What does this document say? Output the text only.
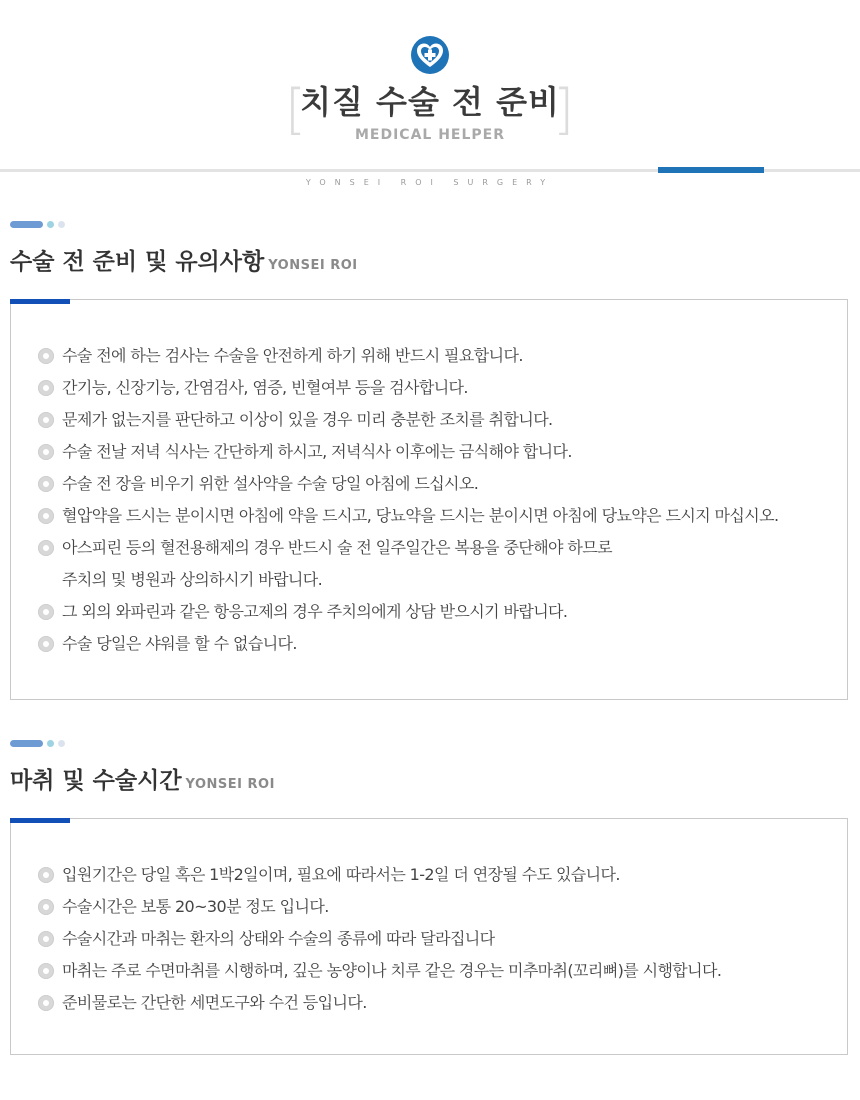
[
치질 수술 전 준비
]
MEDICAL HELPER
YONSEI ROI SURGERY
수술 전 준비 및 유의사항 YONSEI ROI
수술 전에 하는 검사는 수술을 안전하게 하기 위해 반드시 필요합니다.
간기능, 신장기능, 간염검사, 염증, 빈혈여부 등을 검사합니다.
문제가 없는지를 판단하고 이상이 있을 경우 미리 충분한 조치를 취합니다.
수술 전날 저녁 식사는 간단하게 하시고, 저녁식사 이후에는 금식해야 합니다.
수술 전 장을 비우기 위한 설사약을 수술 당일 아침에 드십시오.
혈압약을 드시는 분이시면 아침에 약을 드시고, 당뇨약을 드시는 분이시면 아침에 당뇨약은 드시지 마십시오.
아스피린 등의 혈전용해제의 경우 반드시 술 전 일주일간은 복용을 중단해야 하므로
주치의 및 병원과 상의하시기 바랍니다.
그 외의 와파린과 같은 항응고제의 경우 주치의에게 상담 받으시기 바랍니다.
수술 당일은 샤워를 할 수 없습니다.
마취 및 수술시간 YONSEI ROI
입원기간은 당일 혹은 1박2일이며, 필요에 따라서는 1-2일 더 연장될 수도 있습니다.
수술시간은 보통 20~30분 정도 입니다.
수술시간과 마취는 환자의 상태와 수술의 종류에 따라 달라집니다
마취는 주로 수면마취를 시행하며, 깊은 농양이나 치루 같은 경우는 미추마취(꼬리뼈)를 시행합니다.
준비물로는 간단한 세면도구와 수건 등입니다.
